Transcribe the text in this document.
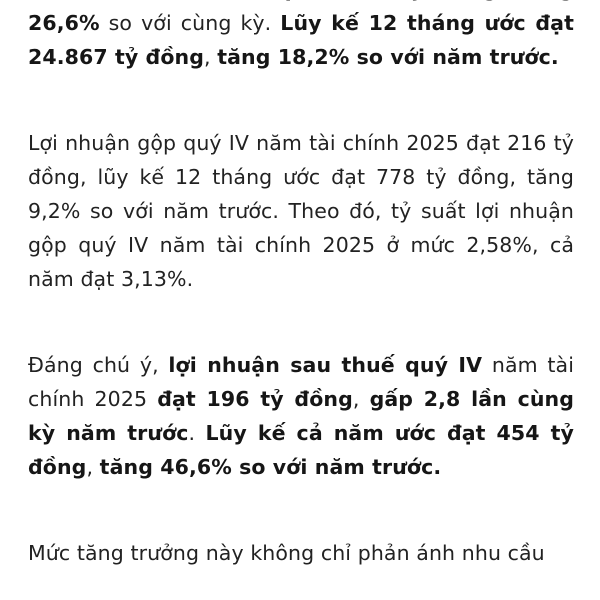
26,6% so với cùng kỳ. Lũy kế 12 tháng ước đạt 24.867 tỷ đồng, tăng 18,2% so với năm trước.

Lợi nhuận gộp quý IV năm tài chính 2025 đạt 216 tỷ đồng, lũy kế 12 tháng ước đạt 778 tỷ đồng, tăng 9,2% so với năm trước. Theo đó, tỷ suất lợi nhuận gộp quý IV năm tài chính 2025 ở mức 2,58%, cả năm đạt 3,13%.

Đáng chú ý, lợi nhuận sau thuế quý IV năm tài chính 2025 đạt 196 tỷ đồng, gấp 2,8 lần cùng kỳ năm trước. Lũy kế cả năm ước đạt 454 tỷ đồng, tăng 46,6% so với năm trước.

Mức tăng trưởng này không chỉ phản ánh nhu cầu
